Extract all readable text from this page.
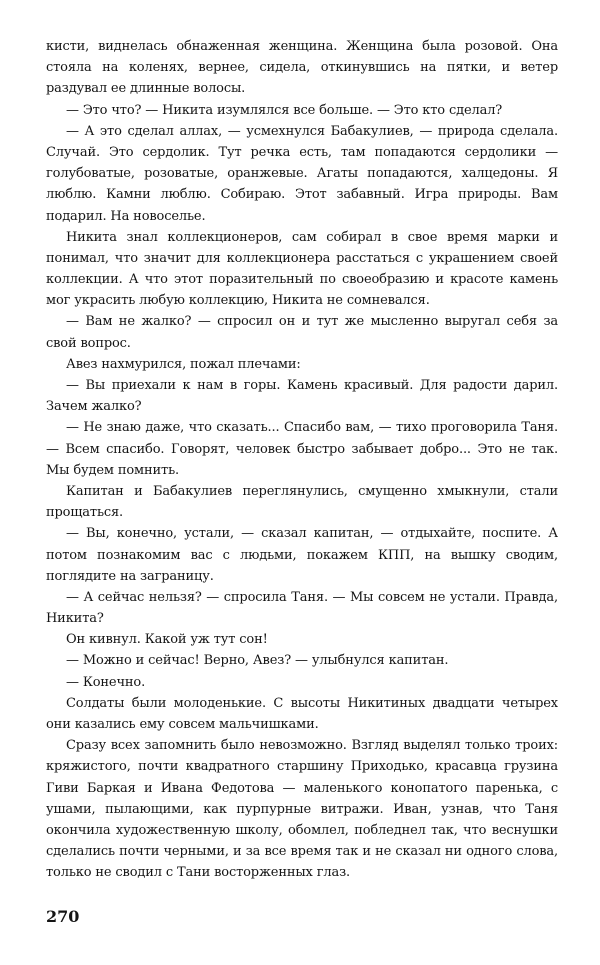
кисти, виднелась обнаженная женщина. Женщина была розовой. Она стояла на коленях, вернее, сидела, откинувшись на пятки, и ветер раздувал ее длинные волосы.

— Это что? — Никита изумлялся все больше. — Это кто сделал?

— А это сделал аллах, — усмехнулся Бабакулиев, — природа сделала. Случай. Это сердолик. Тут речка есть, там попадаются сердолики — голубоватые, розоватые, оранжевые. Агаты попадаются, халцедоны. Я люблю. Камни люблю. Собираю. Этот забавный. Игра природы. Вам подарил. На новоселье.

Никита знал коллекционеров, сам собирал в свое время марки и понимал, что значит для коллекционера расстаться с украшением своей коллекции. А что этот поразительный по своеобразию и красоте камень мог украсить любую коллекцию, Никита не сомневался.

— Вам не жалко? — спросил он и тут же мысленно выругал себя за свой вопрос.

Авез нахмурился, пожал плечами:

— Вы приехали к нам в горы. Камень красивый. Для радости дарил. Зачем жалко?

— Не знаю даже, что сказать... Спасибо вам, — тихо проговорила Таня. — Всем спасибо. Говорят, человек быстро забывает добро... Это не так. Мы будем помнить.

Капитан и Бабакулиев переглянулись, смущенно хмыкнули, стали прощаться.

— Вы, конечно, устали, — сказал капитан, — отдыхайте, поспите. А потом познакомим вас с людьми, покажем КПП, на вышку сводим, поглядите на заграницу.

— А сейчас нельзя? — спросила Таня. — Мы совсем не устали. Правда, Никита?

Он кивнул. Какой уж тут сон!

— Можно и сейчас! Верно, Авез? — улыбнулся капитан.

— Конечно.

Солдаты были молоденькие. С высоты Никитиных двадцати четырех они казались ему совсем мальчишками.

Сразу всех запомнить было невозможно. Взгляд выделял только троих: кряжистого, почти квадратного старшину Приходько, красавца грузина Гиви Баркая и Ивана Федотова — маленького конопатого паренька, с ушами, пылающими, как пурпурные витражи. Иван, узнав, что Таня окончила художественную школу, обомлел, побледнел так, что веснушки сделались почти черными, и за все время так и не сказал ни одного слова, только не сводил с Тани восторженных глаз.

270
